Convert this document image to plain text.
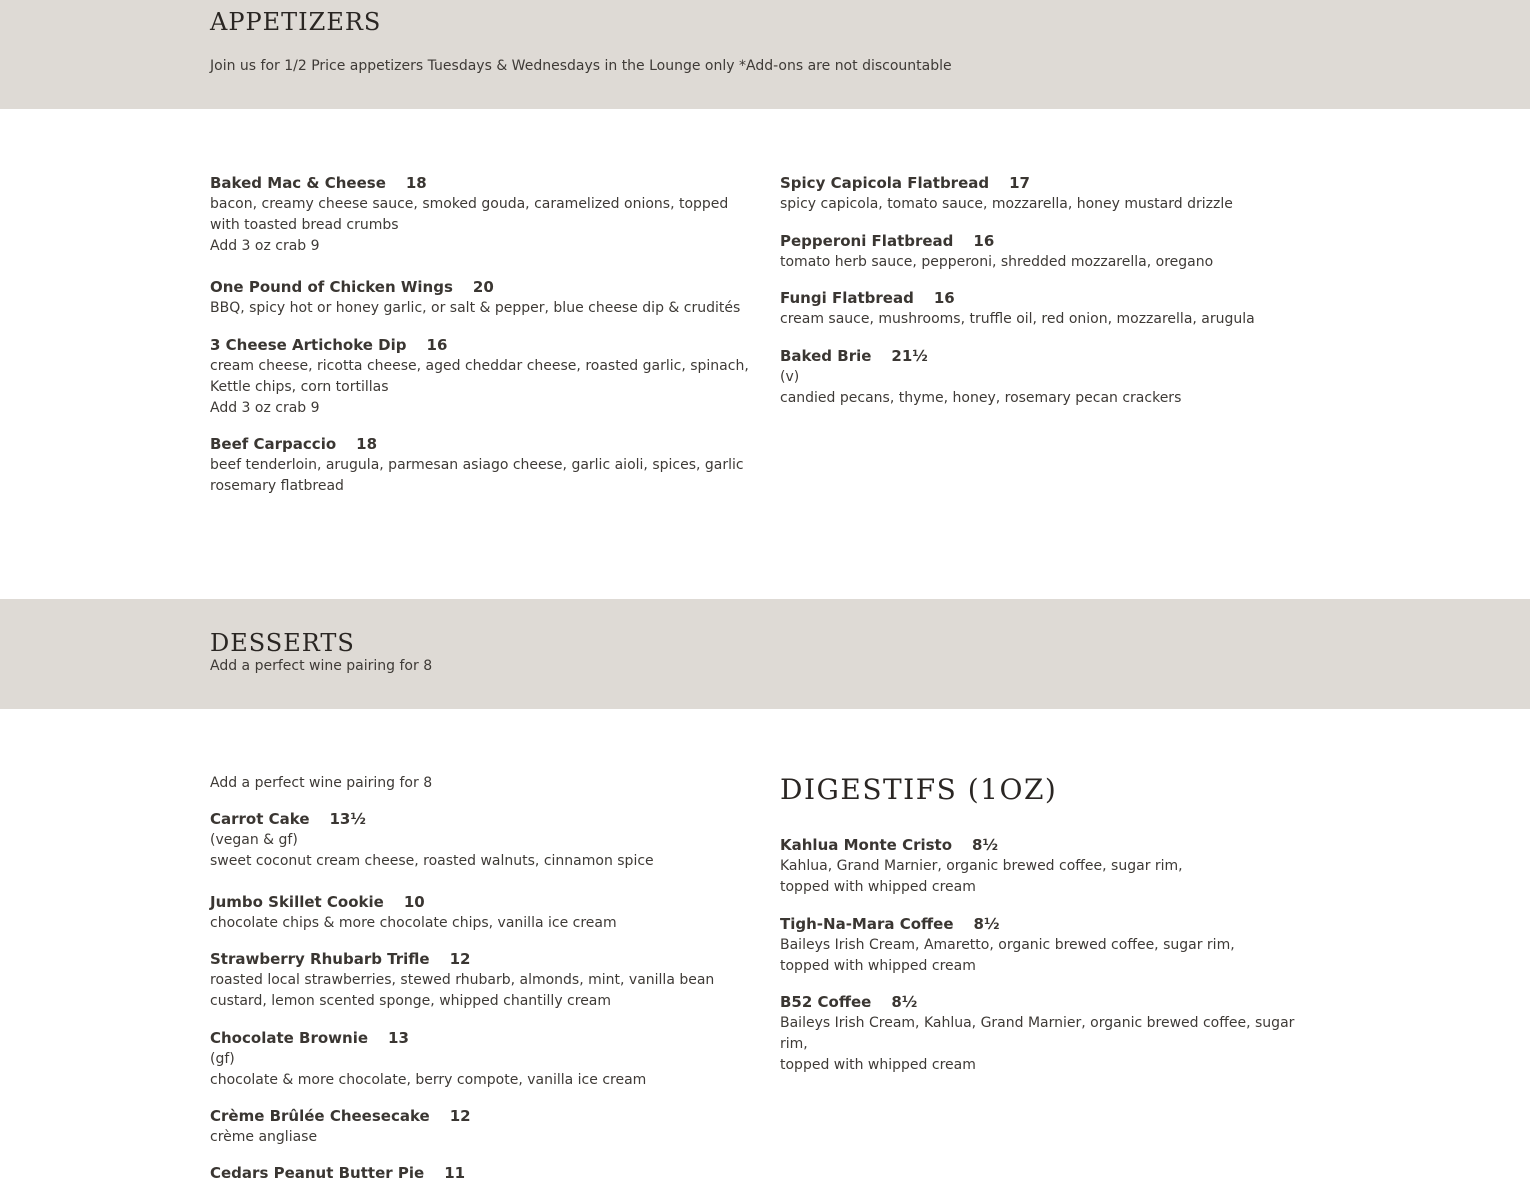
APPETIZERS
Join us for 1/2 Price appetizers Tuesdays & Wednesdays in the Lounge only *Add-ons are not discountable
Baked Mac & Cheese 18
bacon, creamy cheese sauce, smoked gouda, caramelized onions, topped with toasted bread crumbs
Add 3 oz crab 9
One Pound of Chicken Wings 20
BBQ, spicy hot or honey garlic, or salt & pepper, blue cheese dip & crudités
3 Cheese Artichoke Dip 16
cream cheese, ricotta cheese, aged cheddar cheese, roasted garlic, spinach, Kettle chips, corn tortillas
Add 3 oz crab 9
Beef Carpaccio 18
beef tenderloin, arugula, parmesan asiago cheese, garlic aioli, spices, garlic rosemary flatbread
Spicy Capicola Flatbread 17
spicy capicola, tomato sauce, mozzarella, honey mustard drizzle
Pepperoni Flatbread 16
tomato herb sauce, pepperoni, shredded mozzarella, oregano
Fungi Flatbread 16
cream sauce, mushrooms, truffle oil, red onion, mozzarella, arugula
Baked Brie 21½
(v)
candied pecans, thyme, honey, rosemary pecan crackers
DESSERTS
Add a perfect wine pairing for 8
Add a perfect wine pairing for 8
Carrot Cake 13½
(vegan & gf)
sweet coconut cream cheese, roasted walnuts, cinnamon spice
Jumbo Skillet Cookie 10
chocolate chips & more chocolate chips, vanilla ice cream
Strawberry Rhubarb Trifle 12
roasted local strawberries, stewed rhubarb, almonds, mint, vanilla bean custard, lemon scented sponge, whipped chantilly cream
Chocolate Brownie 13
(gf)
chocolate & more chocolate, berry compote, vanilla ice cream
Crème Brûlée Cheesecake 12
crème angliase
Cedars Peanut Butter Pie 11
DIGESTIFS (1OZ)
Kahlua Monte Cristo 8½
Kahlua, Grand Marnier, organic brewed coffee, sugar rim,
topped with whipped cream
Tigh-Na-Mara Coffee 8½
Baileys Irish Cream, Amaretto, organic brewed coffee, sugar rim,
topped with whipped cream
B52 Coffee 8½
Baileys Irish Cream, Kahlua, Grand Marnier, organic brewed coffee, sugar rim,
topped with whipped cream
